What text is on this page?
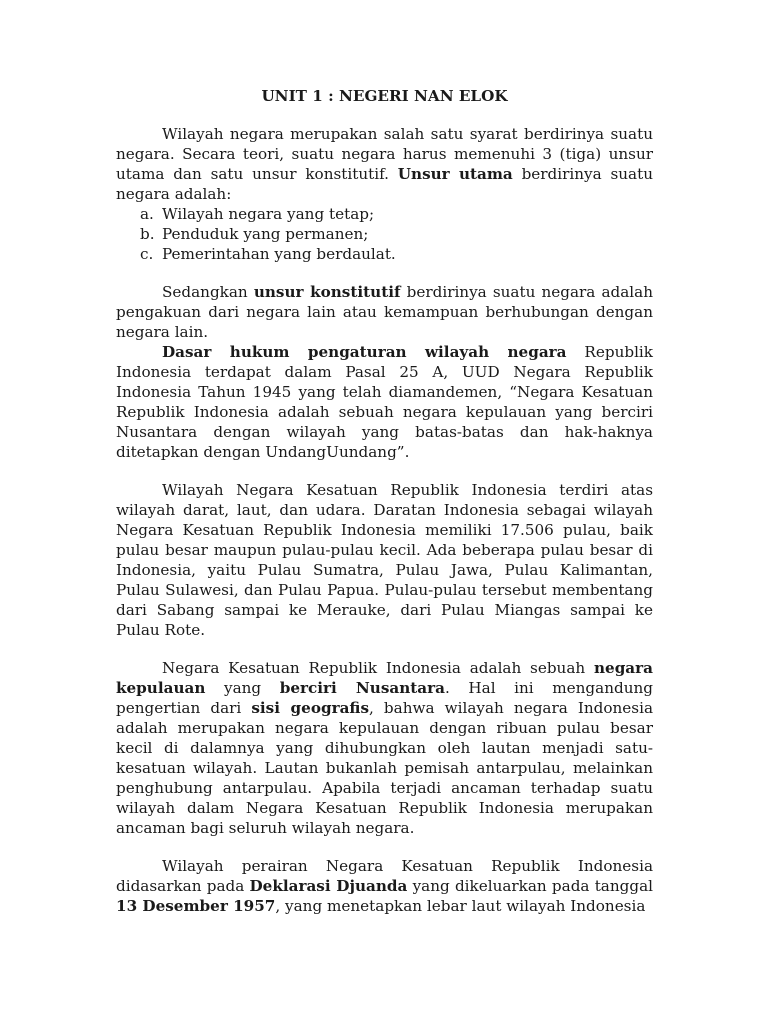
UNIT 1 : NEGERI NAN ELOK

Wilayah negara merupakan salah satu syarat berdirinya suatu negara. Secara teori, suatu negara harus memenuhi 3 (tiga) unsur utama dan satu unsur konstitutif. Unsur utama berdirinya suatu negara adalah:

a. Wilayah negara yang tetap;
b. Penduduk yang permanen;
c. Pemerintahan yang berdaulat.

Sedangkan unsur konstitutif berdirinya suatu negara adalah pengakuan dari negara lain atau kemampuan berhubungan dengan negara lain.

Dasar hukum pengaturan wilayah negara Republik Indonesia terdapat dalam Pasal 25 A, UUD Negara Republik Indonesia Tahun 1945 yang telah diamandemen, “Negara Kesatuan Republik Indonesia adalah sebuah negara kepulauan yang berciri Nusantara dengan wilayah yang batas-batas dan hak-haknya ditetapkan dengan UndangUundang”.

Wilayah Negara Kesatuan Republik Indonesia terdiri atas wilayah darat, laut, dan udara. Daratan Indonesia sebagai wilayah Negara Kesatuan Republik Indonesia memiliki 17.506 pulau, baik pulau besar maupun pulau-pulau kecil. Ada beberapa pulau besar di Indonesia, yaitu Pulau Sumatra, Pulau Jawa, Pulau Kalimantan, Pulau Sulawesi, dan Pulau Papua. Pulau-pulau tersebut membentang dari Sabang sampai ke Merauke, dari Pulau Miangas sampai ke Pulau Rote.

Negara Kesatuan Republik Indonesia adalah sebuah negara kepulauan yang berciri Nusantara. Hal ini mengandung pengertian dari sisi geografis, bahwa wilayah negara Indonesia adalah merupakan negara kepulauan dengan ribuan pulau besar kecil di dalamnya yang dihubungkan oleh lautan menjadi satu-kesatuan wilayah. Lautan bukanlah pemisah antarpulau, melainkan penghubung antarpulau. Apabila terjadi ancaman terhadap suatu wilayah dalam Negara Kesatuan Republik Indonesia merupakan ancaman bagi seluruh wilayah negara.

Wilayah perairan Negara Kesatuan Republik Indonesia didasarkan pada Deklarasi Djuanda yang dikeluarkan pada tanggal 13 Desember 1957, yang menetapkan lebar laut wilayah Indonesia
